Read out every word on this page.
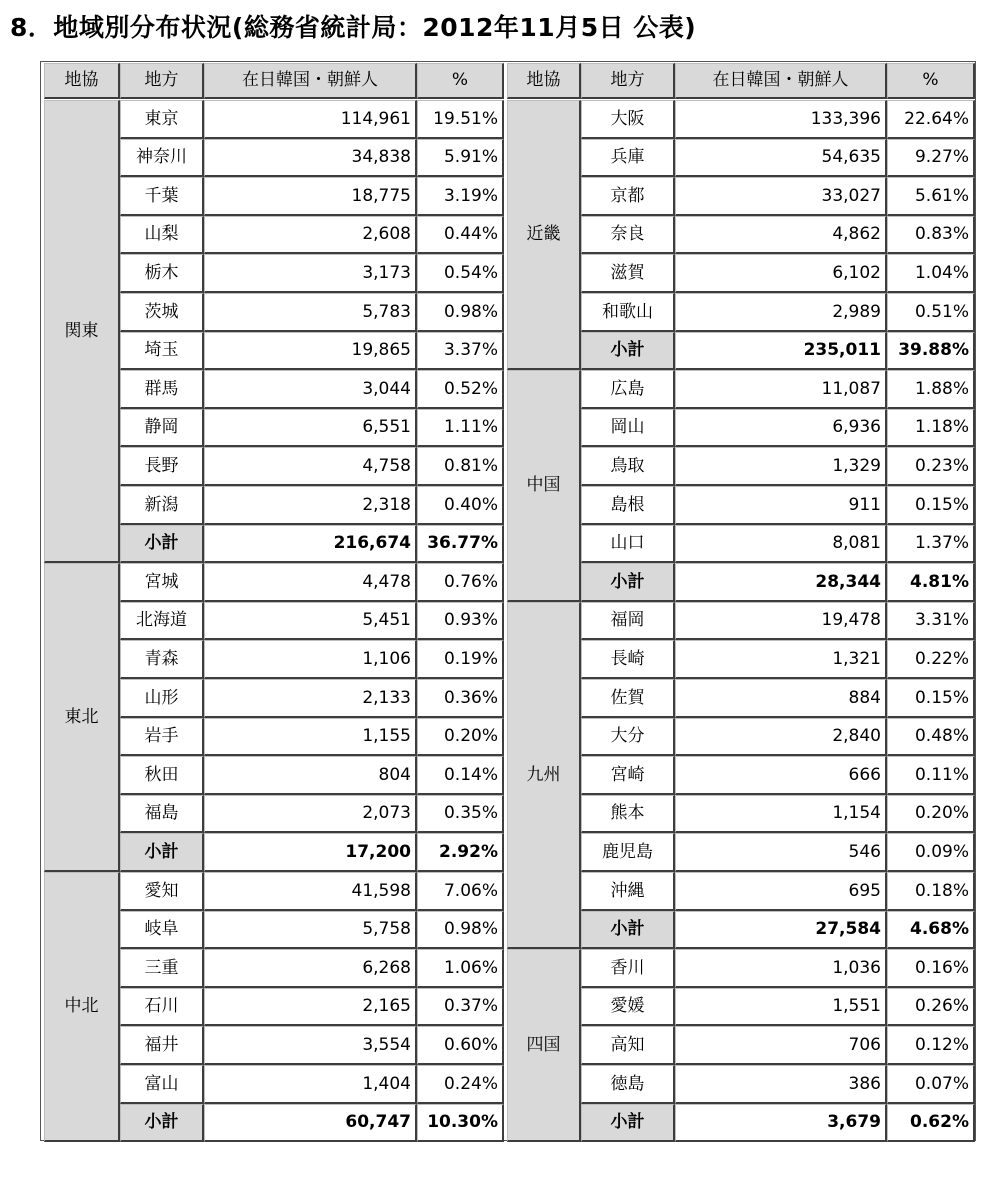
8．地域別分布状況(総務省統計局：2012年11月5日 公表)
地協	地方	在日韓国・朝鮮人	%
関東
東京	114,961	19.51%
神奈川	34,838	5.91%
千葉	18,775	3.19%
山梨	2,608	0.44%
栃木	3,173	0.54%
茨城	5,783	0.98%
埼玉	19,865	3.37%
群馬	3,044	0.52%
静岡	6,551	1.11%
長野	4,758	0.81%
新潟	2,318	0.40%
小計	216,674 36.77%
東北
宮城	4,478	0.76%
北海道	5,451	0.93%
青森	1,106	0.19%
山形	2,133	0.36%
岩手	1,155	0.20%
秋田	804	0.14%
福島	2,073	0.35%
小計	17,200	2.92%
中北
愛知	41,598	7.06%
岐阜	5,758	0.98%
三重	6,268	1.06%
石川	2,165	0.37%
福井	3,554	0.60%
富山	1,404	0.24%
小計	60,747 10.30%
地協	地方	在日韓国・朝鮮人	%
近畿
大阪	133,396	22.64%
兵庫	54,635	9.27%
京都	33,027	5.61%
奈良	4,862	0.83%
滋賀	6,102	1.04%
和歌山	2,989	0.51%
小計	235,011	39.88%
中国
広島	11,087	1.88%
岡山	6,936	1.18%
鳥取	1,329	0.23%
島根	911	0.15%
山口	8,081	1.37%
小計	28,344	4.81%
九州
福岡	19,478	3.31%
長崎	1,321	0.22%
佐賀	884	0.15%
大分	2,840	0.48%
宮崎	666	0.11%
熊本	1,154	0.20%
鹿児島	546	0.09%
沖縄	695	0.18%
小計	27,584	4.68%
四国
香川	1,036	0.16%
愛媛	1,551	0.26%
高知	706	0.12%
徳島	386	0.07%
小計	3,679	0.62%
